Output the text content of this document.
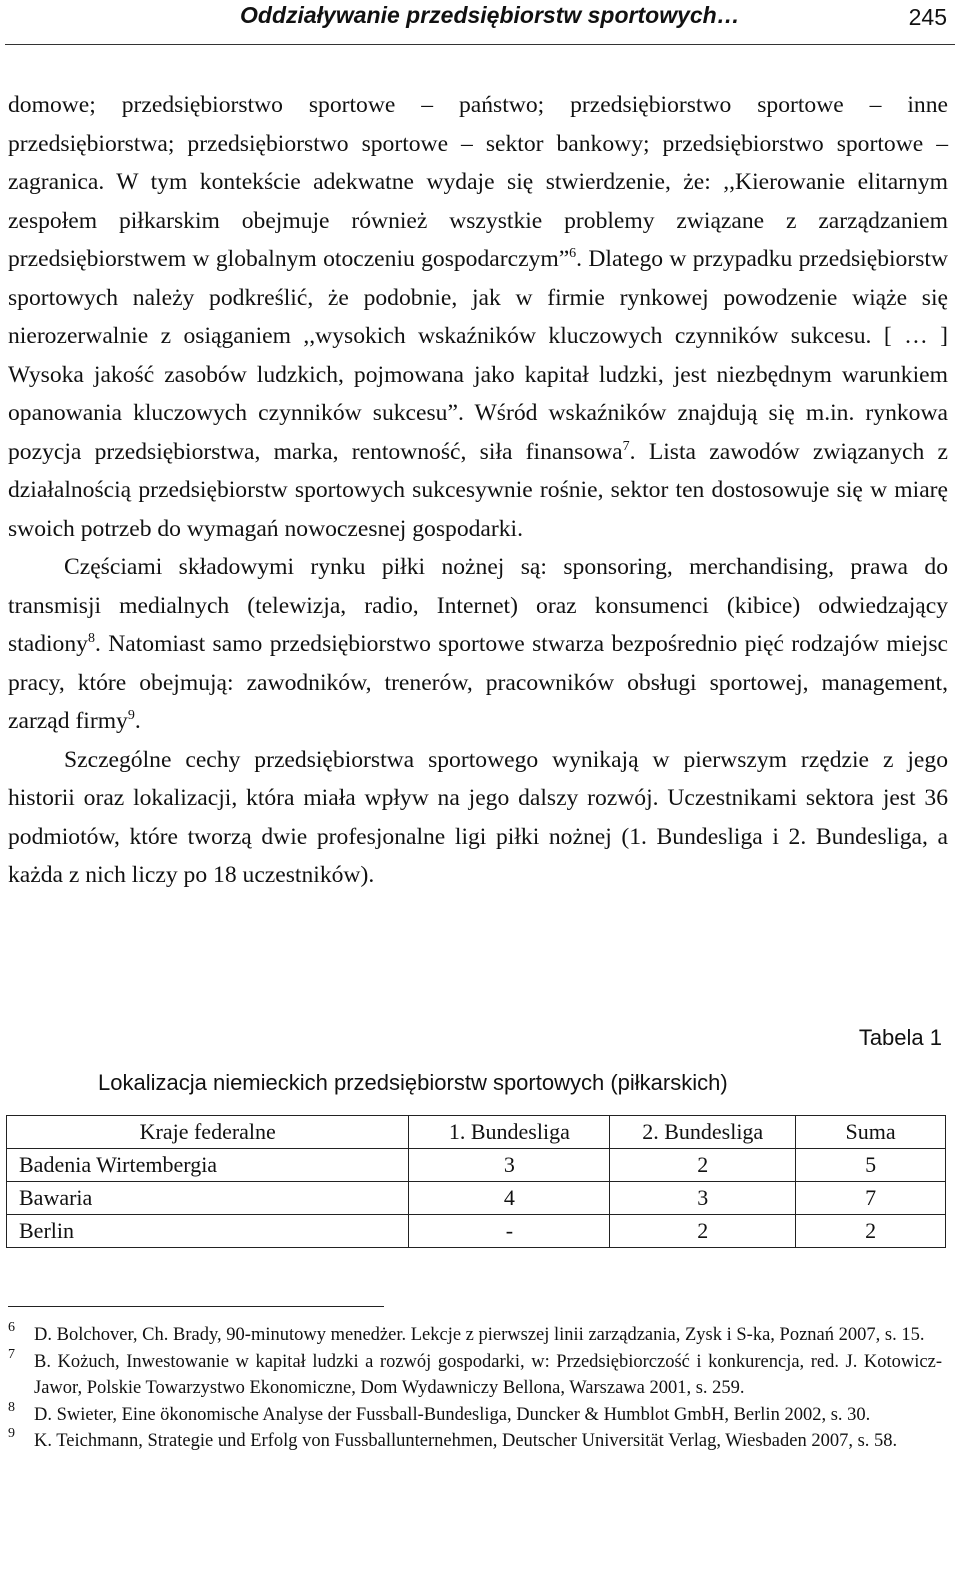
Oddziaływanie przedsiębiorstw sportowych…	245

domowe; przedsiębiorstwo sportowe – państwo; przedsiębiorstwo sportowe – inne przedsiębiorstwa; przedsiębiorstwo sportowe – sektor bankowy; przedsiębiorstwo sportowe – zagranica. W tym kontekście adekwatne wydaje się stwierdzenie, że: ,,Kierowanie elitarnym zespołem piłkarskim obejmuje również wszystkie problemy związane z zarządzaniem przedsiębiorstwem w globalnym otoczeniu gospodarczym”$^6$. Dlatego w przypadku przedsiębiorstw sportowych należy podkreślić, że podobnie, jak w firmie rynkowej powodzenie wiąże się nierozerwalnie z osiąganiem ,,wysokich wskaźników kluczowych czynników sukcesu. [ … ] Wysoka jakość zasobów ludzkich, pojmowana jako kapitał ludzki, jest niezbędnym warunkiem opanowania kluczowych czynników sukcesu”. Wśród wskaźników znajdują się m.in. rynkowa pozycja przedsiębiorstwa, marka, rentowność, siła finansowa$^7$. Lista zawodów związanych z działalnością przedsiębiorstw sportowych sukcesywnie rośnie, sektor ten dostosowuje się w miarę swoich potrzeb do wymagań nowoczesnej gospodarki.

Częściami składowymi rynku piłki nożnej są: sponsoring, merchandising, prawa do transmisji medialnych (telewizja, radio, Internet) oraz konsumenci (kibice) odwiedzający stadiony$^8$. Natomiast samo przedsiębiorstwo sportowe stwarza bezpośrednio pięć rodzajów miejsc pracy, które obejmują: zawodników, trenerów, pracowników obsługi sportowej, management, zarząd firmy$^9$.

Szczególne cechy przedsiębiorstwa sportowego wynikają w pierwszym rzędzie z jego historii oraz lokalizacji, która miała wpływ na jego dalszy rozwój. Uczestnikami sektora jest 36 podmiotów, które tworzą dwie profesjonalne ligi piłki nożnej (1. Bundesliga i 2. Bundesliga, a każda z nich liczy po 18 uczestników).

Tabela 1
Lokalizacja niemieckich przedsiębiorstw sportowych (piłkarskich)
Kraje federalne	1. Bundesliga	2. Bundesliga	Suma
Badenia Wirtembergia	3	2	5
Bawaria	4	3	7
Berlin	-	2	2

6 D. Bolchover, Ch. Brady, 90-minutowy menedżer. Lekcje z pierwszej linii zarządzania, Zysk i S-ka, Poznań 2007, s. 15.

7 B. Kożuch, Inwestowanie w kapitał ludzki a rozwój gospodarki, w: Przedsiębiorczość i konkurencja, red. J. Kotowicz-Jawor, Polskie Towarzystwo Ekonomiczne, Dom Wydawniczy Bellona, Warszawa 2001, s. 259.

8 D. Swieter, Eine ökonomische Analyse der Fussball-Bundesliga, Duncker & Humblot GmbH, Berlin 2002, s. 30.

9 K. Teichmann, Strategie und Erfolg von Fussballunternehmen, Deutscher Universität Verlag, Wiesbaden 2007, s. 58.
